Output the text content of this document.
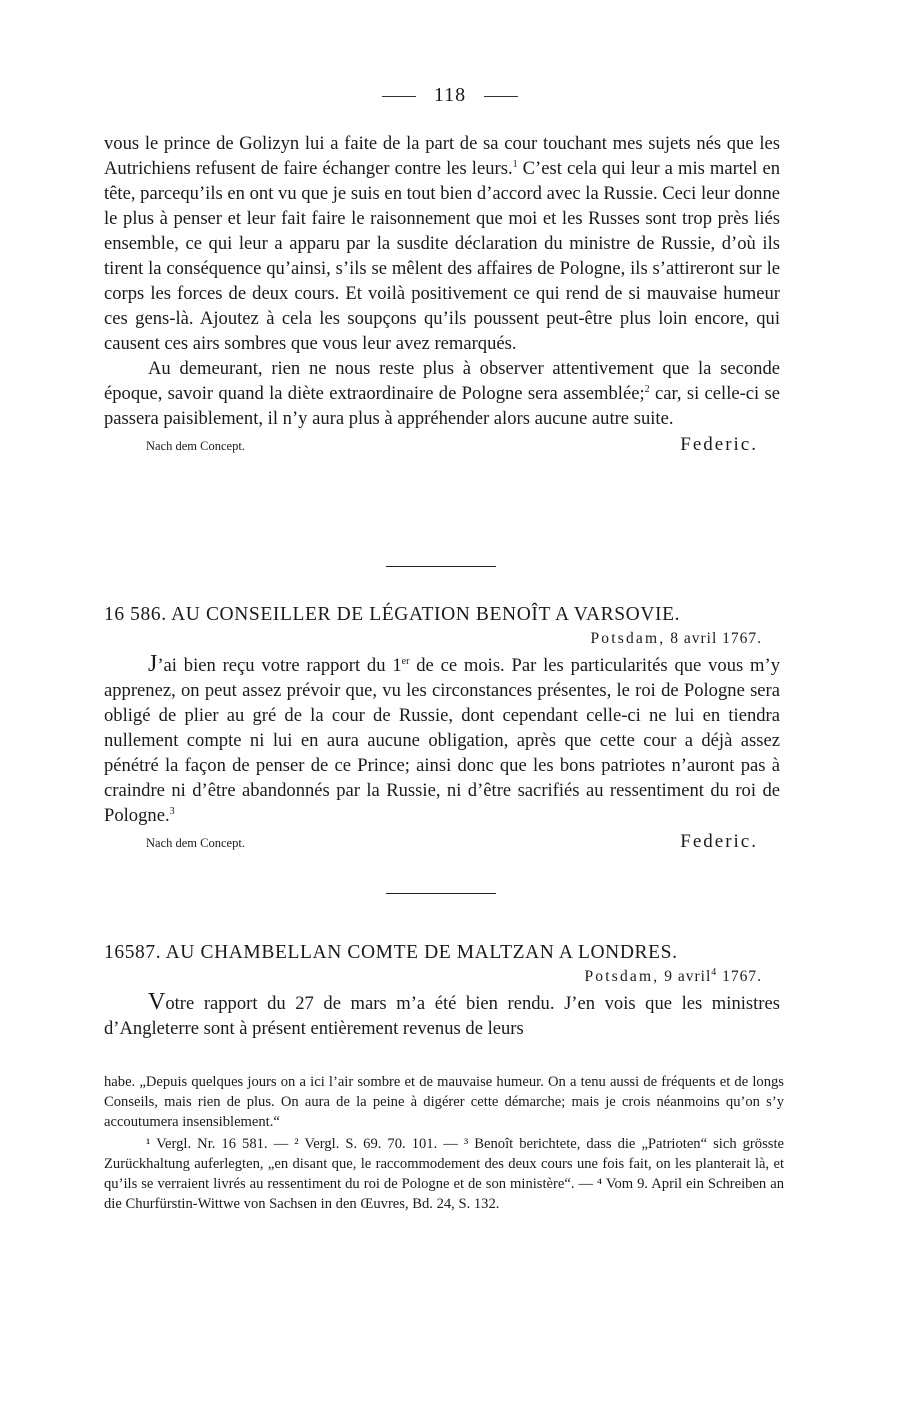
118

vous le prince de Golizyn lui a faite de la part de sa cour touchant mes sujets nés que les Autrichiens refusent de faire échanger contre les leurs.$^1$ C’est cela qui leur a mis martel en tête, parcequ’ils en ont vu que je suis en tout bien d’accord avec la Russie. Ceci leur donne le plus à penser et leur fait faire le raisonnement que moi et les Russes sont trop près liés ensemble, ce qui leur a apparu par la susdite déclaration du ministre de Russie, d’où ils tirent la conséquence qu’ainsi, s’ils se mêlent des affaires de Pologne, ils s’attireront sur le corps les forces de deux cours. Et voilà positivement ce qui rend de si mauvaise humeur ces gens-là. Ajoutez à cela les soupçons qu’ils poussent peut-être plus loin encore, qui causent ces airs sombres que vous leur avez remarqués.

Au demeurant, rien ne nous reste plus à observer attentivement que la seconde époque, savoir quand la diète extraordinaire de Pologne sera assemblée;$^2$ car, si celle-ci se passera paisiblement, il n’y aura plus à appréhender alors aucune autre suite.

Nach dem Concept.	Federic.
16 586. AU CONSEILLER DE LÉGATION BENOÎT A VARSOVIE.
Potsdam, 8 avril 1767.

J’ai bien reçu votre rapport du 1er de ce mois. Par les particularités que vous m’y apprenez, on peut assez prévoir que, vu les circonstances présentes, le roi de Pologne sera obligé de plier au gré de la cour de Russie, dont cependant celle-ci ne lui en tiendra nullement compte ni lui en aura aucune obligation, après que cette cour a déjà assez pénétré la façon de penser de ce Prince; ainsi donc que les bons patriotes n’auront pas à craindre ni d’être abandonnés par la Russie, ni d’être sacrifiés au ressentiment du roi de Pologne.$^3$

Nach dem Concept.	Federic.
16587. AU CHAMBELLAN COMTE DE MALTZAN A LONDRES.
Potsdam, 9 avril$^4$ 1767.

Votre rapport du 27 de mars m’a été bien rendu. J’en vois que les ministres d’Angleterre sont à présent entièrement revenus de leurs

habe. „Depuis quelques jours on a ici l’air sombre et de mauvaise humeur. On a tenu aussi de fréquents et de longs Conseils, mais rien de plus. On aura de la peine à digérer cette démarche; mais je crois néanmoins qu’on s’y accoutumera insensiblement.“

¹ Vergl. Nr. 16 581. — ² Vergl. S. 69. 70. 101. — ³ Benoît berichtete, dass die „Patrioten“ sich grösste Zurückhaltung auferlegten, „en disant que, le raccommodement des deux cours une fois fait, on les planterait là, et qu’ils se verraient livrés au ressentiment du roi de Pologne et de son ministère“. — ⁴ Vom 9. April ein Schreiben an die Churfürstin-Wittwe von Sachsen in den Œuvres, Bd. 24, S. 132.
